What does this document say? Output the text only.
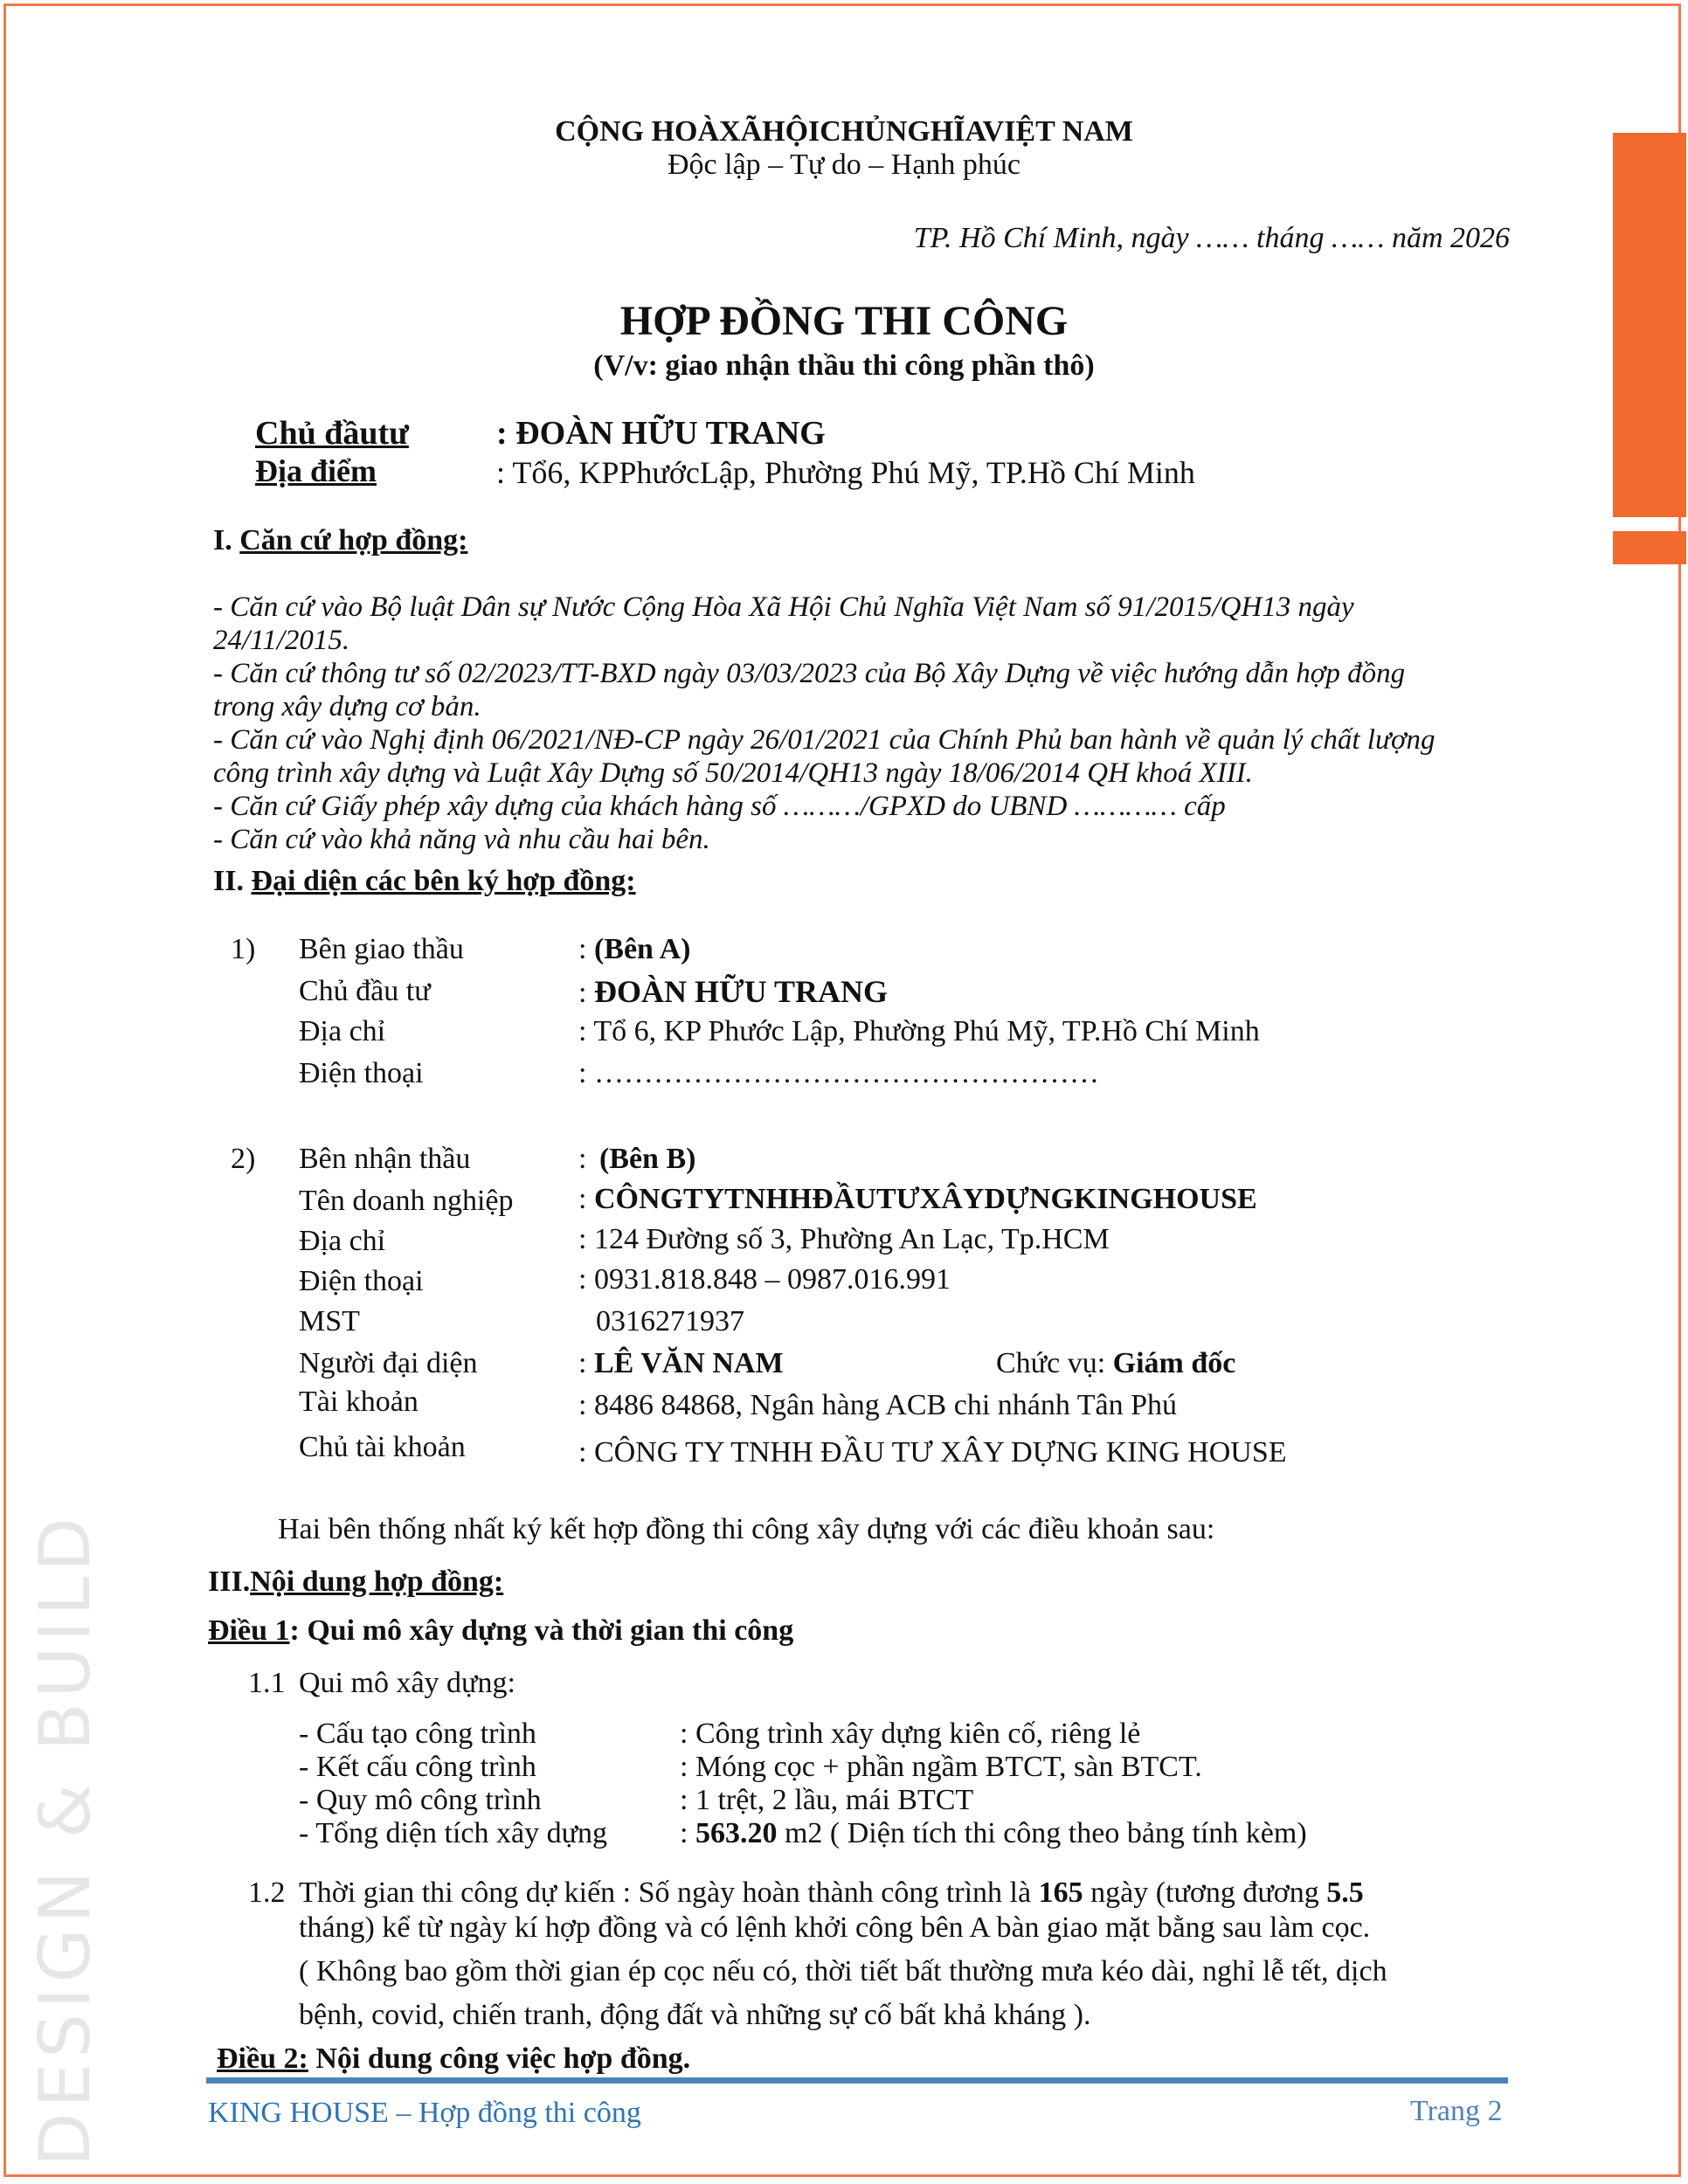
DESIGN & BUILD
CỘNG HOÀXÃHỘICHỦNGHĨAVIỆT NAM
Độc lập – Tự do – Hạnh phúc
TP. Hồ Chí Minh, ngày …… tháng …… năm 2026
HỢP ĐỒNG THI CÔNG
(V/v: giao nhận thầu thi công phần thô)
Chủ đầutư	: ĐOÀN HỮU TRANG
Địa điểm	: Tổ6, KPPhướcLập, Phường Phú Mỹ, TP.Hồ Chí Minh
I. Căn cứ hợp đồng:
- Căn cứ vào Bộ luật Dân sự Nước Cộng Hòa Xã Hội Chủ Nghĩa Việt Nam số 91/2015/QH13 ngày
24/11/2015.
- Căn cứ thông tư số 02/2023/TT-BXD ngày 03/03/2023 của Bộ Xây Dựng về việc hướng dẫn hợp đồng
trong xây dựng cơ bản.
- Căn cứ vào Nghị định 06/2021/NĐ-CP ngày 26/01/2021 của Chính Phủ ban hành về quản lý chất lượng
công trình xây dựng và Luật Xây Dựng số 50/2014/QH13 ngày 18/06/2014 QH khoá XIII.
- Căn cứ Giấy phép xây dựng của khách hàng số ………/GPXD do UBND ………… cấp
- Căn cứ vào khả năng và nhu cầu hai bên.
II. Đại diện các bên ký hợp đồng:
1) Bên giao thầu	: (Bên A)
Chủ đầu tư	: ĐOÀN HỮU TRANG
Địa chỉ	: Tổ 6, KP Phước Lập, Phường Phú Mỹ, TP.Hồ Chí Minh
Điện thoại	: ……………………………………………
2) Bên nhận thầu	: (Bên B)
Tên doanh nghiệp : CÔNGTYTNHHĐẦUTƯXÂYDỰNGKINGHOUSE
Địa chỉ	: 124 Đường số 3, Phường An Lạc, Tp.HCM
Điện thoại	: 0931.818.848 – 0987.016.991
MST	0316271937
Người đại diện	: LÊ VĂN NAM	Chức vụ: Giám đốc
Tài khoản	: 8486 84868, Ngân hàng ACB chi nhánh Tân Phú
Chủ tài khoản	: CÔNG TY TNHH ĐẦU TƯ XÂY DỰNG KING HOUSE
Hai bên thống nhất ký kết hợp đồng thi công xây dựng với các điều khoản sau:
III.Nội dung hợp đồng:
Điều 1: Qui mô xây dựng và thời gian thi công
1.1 Qui mô xây dựng:
- Cấu tạo công trình	: Công trình xây dựng kiên cố, riêng lẻ
- Kết cấu công trình	: Móng cọc + phần ngầm BTCT, sàn BTCT.
- Quy mô công trình	: 1 trệt, 2 lầu, mái BTCT
- Tổng diện tích xây dựng : 563.20 m2 ( Diện tích thi công theo bảng tính kèm)
1.2 Thời gian thi công dự kiến : Số ngày hoàn thành công trình là 165 ngày (tương đương 5.5
tháng) kể từ ngày kí hợp đồng và có lệnh khởi công bên A bàn giao mặt bằng sau làm cọc.
( Không bao gồm thời gian ép cọc nếu có, thời tiết bất thường mưa kéo dài, nghỉ lễ tết, dịch
bệnh, covid, chiến tranh, động đất và những sự cố bất khả kháng ).
Điều 2: Nội dung công việc hợp đồng.
KING HOUSE – Hợp đồng thi công	Trang 2
